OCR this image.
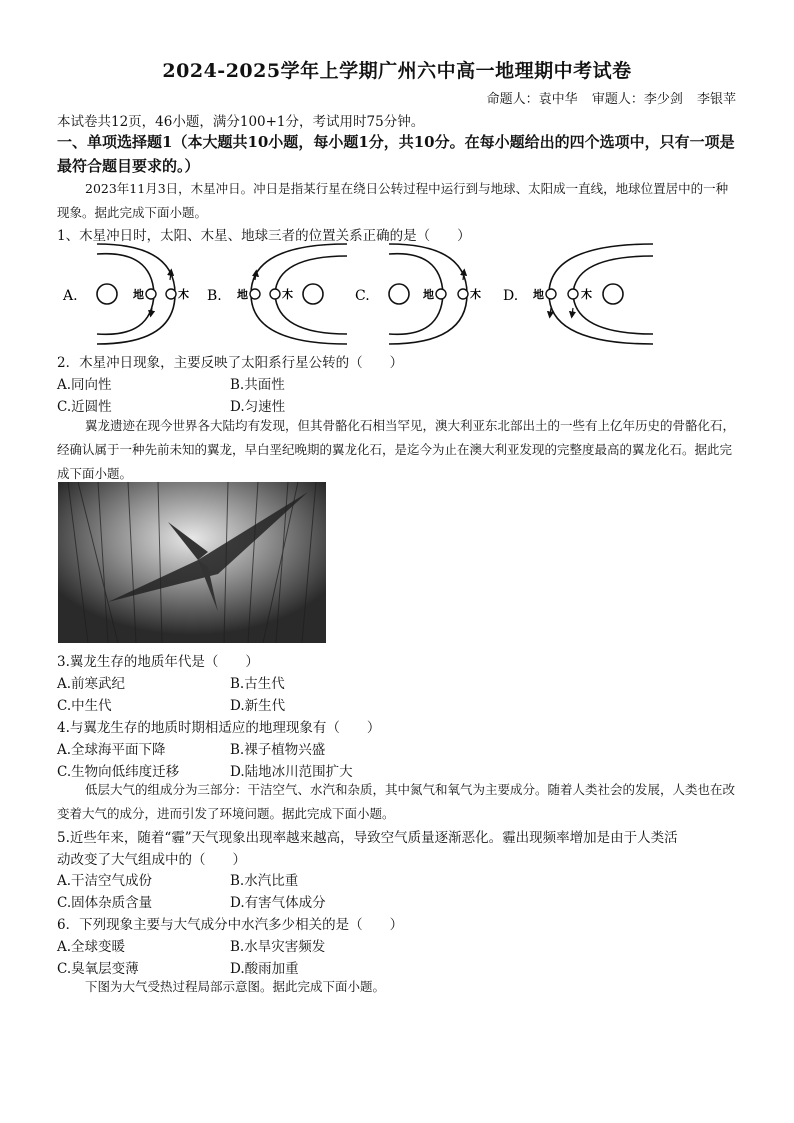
2024-2025学年上学期广州六中高一地理期中考试卷
命题人：袁中华 审题人：李少剑 李银苹
本试卷共12页，46小题，满分100+1分，考试用时75分钟。
一、单项选择题1（本大题共10小题，每小题1分，共10分。在每小题给出的四个选项中，只有一项是最符合题目要求的。）

2023年11月3日，木星冲日。冲日是指某行星在绕日公转过程中运行到与地球、太阳成一直线，地球位置居中的一种现象。据此完成下面小题。

1、木星冲日时，太阳、木星、地球三者的位置关系正确的是（　　）
A.	地	木 B. 地	木	C.	地	木 D. 地	木
2．木星冲日现象，主要反映了太阳系行星公转的（　　）
A.同向性	B.共面性
C.近圆性	D.匀速性

翼龙遗迹在现今世界各大陆均有发现，但其骨骼化石相当罕见，澳大利亚东北部出土的一些有上亿年历史的骨骼化石，经确认属于一种先前未知的翼龙，早白垩纪晚期的翼龙化石，是迄今为止在澳大利亚发现的完整度最高的翼龙化石。据此完成下面小题。

3.翼龙生存的地质年代是（　　）
A.前寒武纪	B.古生代
C.中生代	D.新生代
4.与翼龙生存的地质时期相适应的地理现象有（　　）
A.全球海平面下降	B.裸子植物兴盛
C.生物向低纬度迁移	D.陆地冰川范围扩大

低层大气的组成分为三部分：干洁空气、水汽和杂质，其中氮气和氧气为主要成分。随着人类社会的发展，人类也在改变着大气的成分，进而引发了环境问题。据此完成下面小题。

5.近些年来，随着“霾”天气现象出现率越来越高，导致空气质量逐渐恶化。霾出现频率增加是由于人类活
动改变了大气组成中的（　　）
A.干洁空气成份	B.水汽比重
C.固体杂质含量	D.有害气体成分
6．下列现象主要与大气成分中水汽多少相关的是（　　）
A.全球变暖	B.水旱灾害频发
C.臭氧层变薄	D.酸雨加重

下图为大气受热过程局部示意图。据此完成下面小题。
